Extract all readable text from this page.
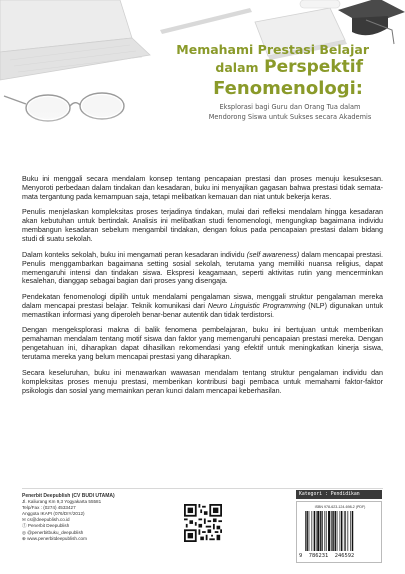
Memahami Prestasi Belajar
dalam Perspektif
Fenomenologi:
Eksplorasi bagi Guru dan Orang Tua dalam
Mendorong Siswa untuk Sukses secara Akademis

Buku ini menggali secara mendalam konsep tentang pencapaian prestasi dan proses menuju kesuksesan. Menyoroti perbedaan dalam tindakan dan kesadaran, buku ini menyajikan gagasan bahwa prestasi tidak semata-mata tergantung pada kemampuan saja, tetapi melibatkan kemauan dan niat untuk bekerja keras.

Penulis menjelaskan kompleksitas proses terjadinya tindakan, mulai dari refleksi mendalam hingga kesadaran akan kebutuhan untuk bertindak. Analisis ini melibatkan studi fenomenologi, mengungkap bagaimana individu membangun kesadaran sebelum mengambil tindakan, dengan fokus pada pencapaian prestasi dalam bidang studi di suatu sekolah.

Dalam konteks sekolah, buku ini mengamati peran kesadaran individu (self awareness) dalam mencapai prestasi. Penulis menggambarkan bagaimana setting sosial sekolah, terutama yang memiliki nuansa religius, dapat memengaruhi intensi dan tindakan siswa. Ekspresi keagamaan, seperti aktivitas rutin yang mencerminkan kesalehan, dianggap sebagai bagian dari proses yang disengaja.

Pendekatan fenomenologi dipilih untuk mendalami pengalaman siswa, menggali struktur pengalaman mereka dalam mencapai prestasi belajar. Teknik komunikasi dari Neuro Linguistic Programming (NLP) digunakan untuk memastikan informasi yang diperoleh benar-benar autentik dan tidak terdistorsi.

Dengan mengeksplorasi makna di balik fenomena pembelajaran, buku ini bertujuan untuk memberikan pemahaman mendalam tentang motif siswa dan faktor yang memengaruhi pencapaian prestasi mereka. Dengan pengetahuan ini, diharapkan dapat dihasilkan rekomendasi yang efektif untuk meningkatkan kinerja siswa, terutama mereka yang belum mencapai prestasi yang diharapkan.

Secara keseluruhan, buku ini menawarkan wawasan mendalam tentang struktur pengalaman individu dan kompleksitas proses menuju prestasi, memberikan kontribusi bagi pembaca untuk memahami faktor-faktor psikologis dan sosial yang memainkan peran kunci dalam mencapai keberhasilan.

Penerbit Deepublish (CV BUDI UTAMA)
Jl. Kaliurang Km 9,3 Yogyakarta 55581
Telp/Fax : (0274) 4533427
Anggota IKAPI (076/DIY/2012)
✉ cs@deepublish.co.id
ⓕ Penerbit Deepublish
◎ @penerbitbuku_deepublish
⊕ www.penerbitdeepublish.com
Kategori : Pendidikan
ISBN 978-623-124-698-2 (PDF)
9 786231 246592
